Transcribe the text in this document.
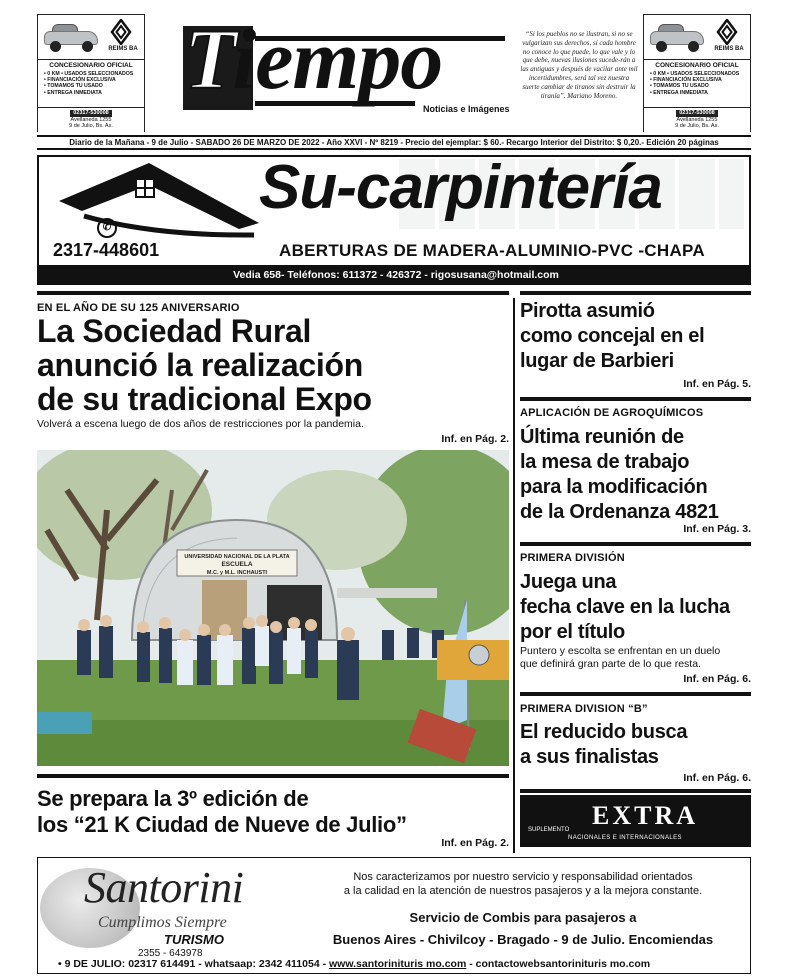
REIMS BA
CONCESIONARIO OFICIAL
• 0 KM • USADOS SELECCIONADOS
• FINANCIACIÓN EXCLUSIVA
• TOMAMOS TU USADO
• ENTREGA INMEDIATA
02317-530008
Avellaneda 1255
9 de Julio, Bs. As.
Tiempo
Noticias e Imágenes
“Si los pueblos no se ilustran, si no se vulgarizan sus derechos, si cada hombre no conoce lo que puede, lo que vale y lo que debe, nuevas ilusiones sucede-rán a las antiguas y después de vacilar ante mil incertidumbres, será tal vez nuestra suerte cambiar de tiranos sin destruir la tiranía”. Mariano Moreno.
REIMS BA
CONCESIONARIO OFICIAL
• 0 KM • USADOS SELECCIONADOS
• FINANCIACIÓN EXCLUSIVA
• TOMAMOS TU USADO
• ENTREGA INMEDIATA
02317-530008
Avellaneda 1255
9 de Julio, Bs. As.
Diario de la Mañana - 9 de Julio - SABADO 26 DE MARZO DE 2022 - Año XXVI - Nº 8219 - Precio del ejemplar: $ 60.- Recargo Interior del Distrito: $ 0,20.- Edición 20 páginas
Su-carpintería
✆
2317-448601	ABERTURAS DE MADERA-ALUMINIO-PVC -CHAPA
Vedia 658- Teléfonos: 611372 - 426372 - rigosusana@hotmail.com
EN EL AÑO DE SU 125 ANIVERSARIO
La Sociedad Rural
anunció la realización
de su tradicional Expo
Volverá a escena luego de dos años de restricciones por la pandemia.
Inf. en Pág. 2.
UNIVERSIDAD NACIONAL DE LA PLATA
ESCUELA
M.C. y M.L. INCHAUSTI
Se prepara la 3º edición de
los “21 K Ciudad de Nueve de Julio”
Inf. en Pág. 2.
Pirotta asumió
como concejal en el
lugar de Barbieri
Inf. en Pág. 5.
APLICACIÓN DE AGROQUÍMICOS
Última reunión de
la mesa de trabajo
para la modificación
de la Ordenanza 4821
Inf. en Pág. 3.
PRIMERA DIVISIÓN
Juega una
fecha clave en la lucha
por el título
Puntero y escolta se enfrentan en un duelo
que definirá gran parte de lo que resta.
Inf. en Pág. 6.
PRIMERA DIVISION “B”
El reducido busca
a sus finalistas
Inf. en Pág. 6.
EXTRA
SUPLEMENTO
NACIONALES E INTERNACIONALES
Santorini
Cumplimos Siempre
TURISMO
2355 - 643978
Nos caracterizamos por nuestro servicio y responsabilidad orientados
a la calidad en la atención de nuestros pasajeros y a la mejora constante.
Servicio de Combis para pasajeros a
Buenos Aires - Chivilcoy - Bragado - 9 de Julio. Encomiendas
• 9 DE JULIO: 02317 614491 - whatsaap: 2342 411054 - www.santorinituris mo.com - contactowebsantorinituris mo.com
